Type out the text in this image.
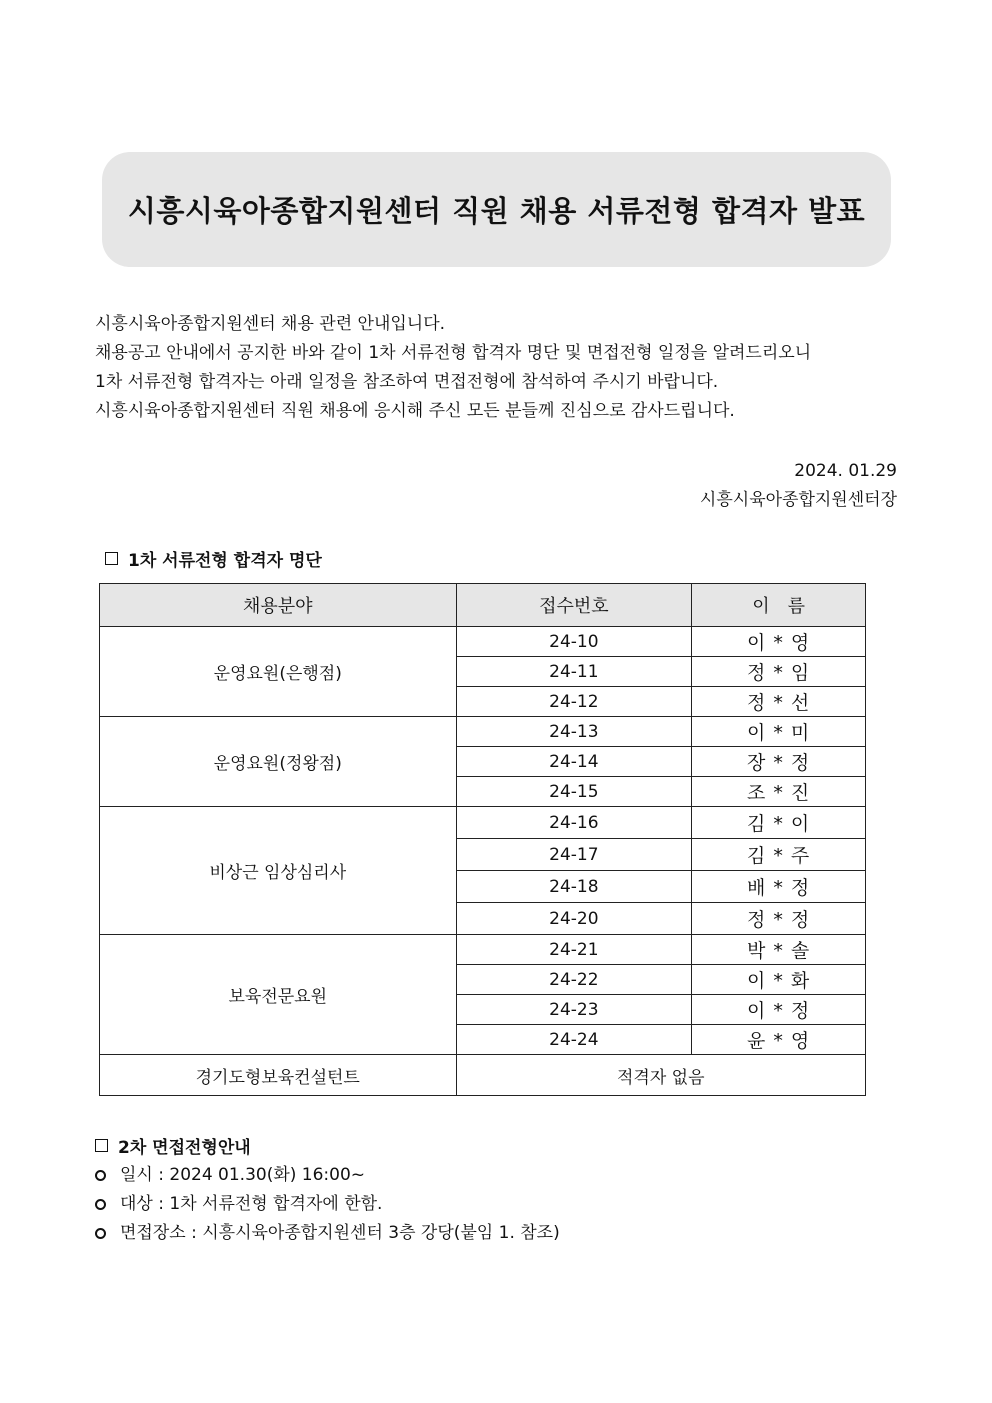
시흥시육아종합지원센터 직원 채용 서류전형 합격자 발표

시흥시육아종합지원센터 채용 관련 안내입니다.

채용공고 안내에서 공지한 바와 같이 1차 서류전형 합격자 명단 및 면접전형 일정을 알려드리오니

1차 서류전형 합격자는 아래 일정을 참조하여 면접전형에 참석하여 주시기 바랍니다.

시흥시육아종합지원센터 직원 채용에 응시해 주신 모든 분들께 진심으로 감사드립니다.

2024. 01.29

시흥시육아종합지원센터장

1차 서류전형 합격자 명단
채용분야	접수번호	이　름
운영요원(은행점)	24-10	이 * 영
	24-11	정 * 임
	24-12	정 * 선
운영요원(정왕점)	24-13	이 * 미
	24-14	장 * 정
	24-15	조 * 진
비상근 임상심리사	24-16	김 * 이
	24-17	김 * 주
	24-18	배 * 정
	24-20	정 * 정
보육전문요원	24-21	박 * 솔
	24-22	이 * 화
	24-23	이 * 정
	24-24	윤 * 영
경기도형보육컨설턴트	적격자 없음	
2차 면접전형안내
일시 : 2024 01.30(화) 16:00~
대상 : 1차 서류전형 합격자에 한함.
면접장소 : 시흥시육아종합지원센터 3층 강당(붙임 1. 참조)
